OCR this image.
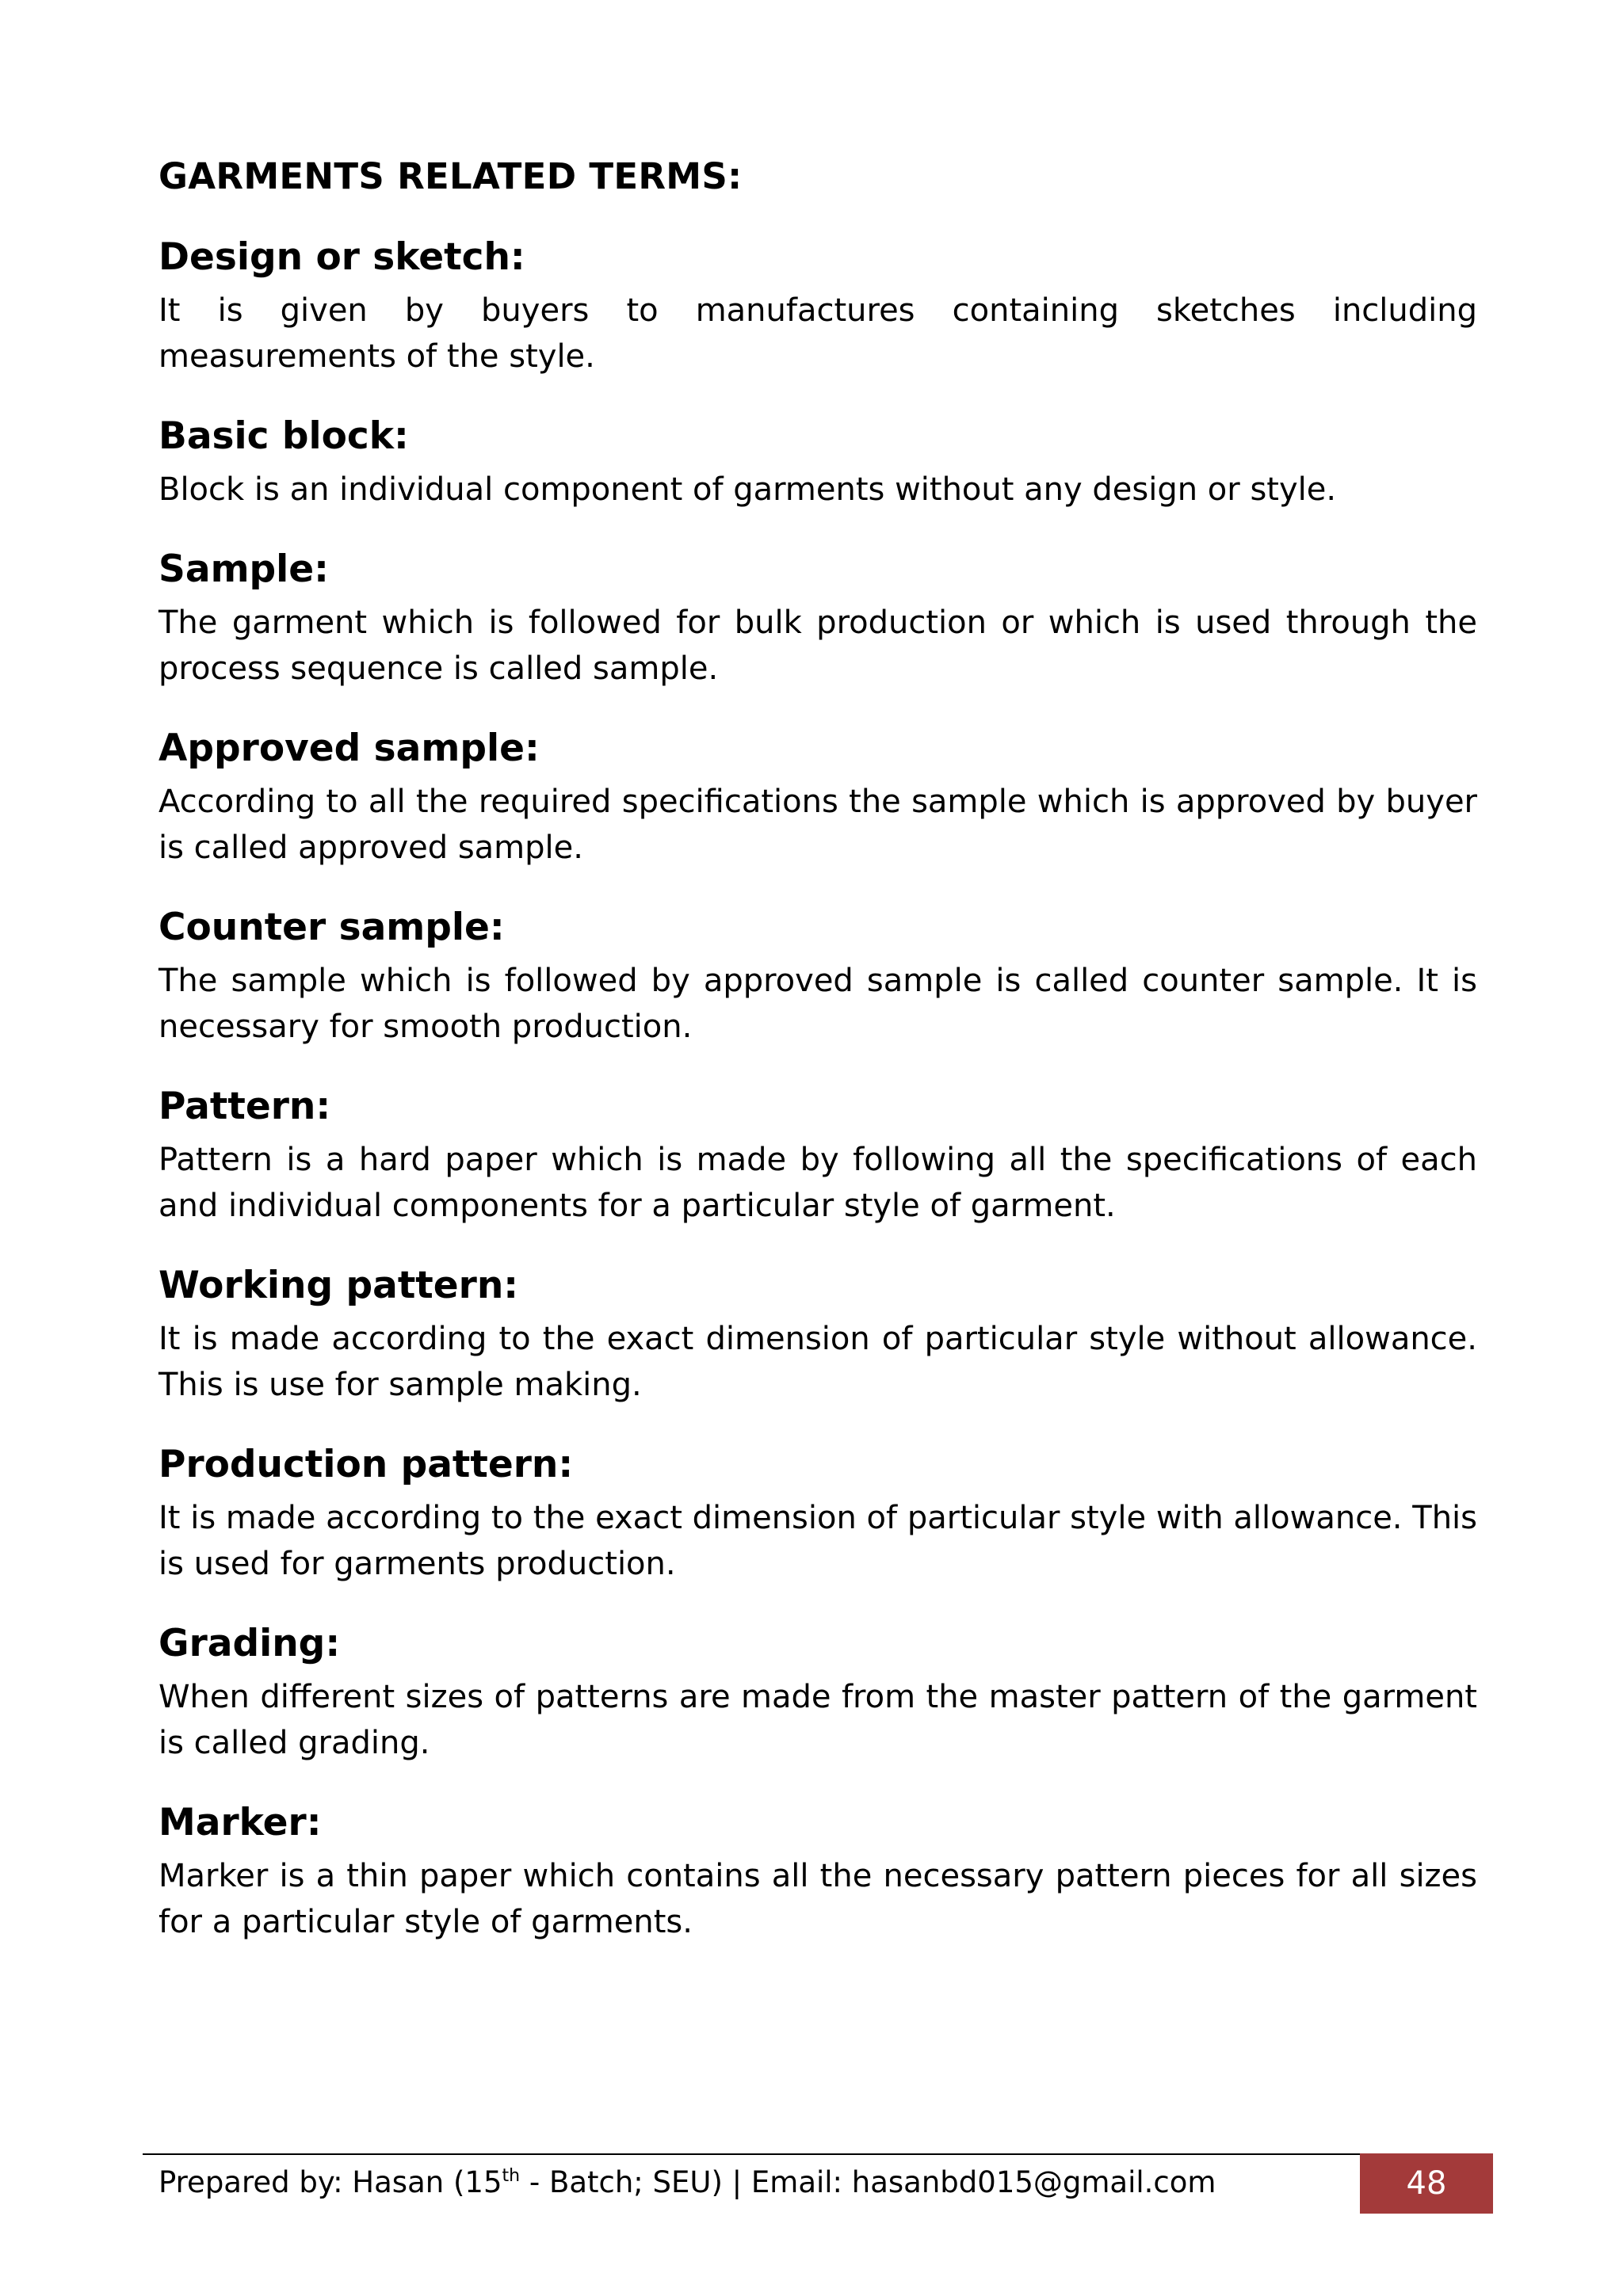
GARMENTS RELATED TERMS:
Design or sketch:

It is given by buyers to manufactures containing sketches including measurements of the style.

Basic block:

Block is an individual component of garments without any design or style.

Sample:

The garment which is followed for bulk production or which is used through the process sequence is called sample.

Approved sample:

According to all the required specifications the sample which is approved by buyer is called approved sample.

Counter sample:

The sample which is followed by approved sample is called counter sample. It is necessary for smooth production.

Pattern:

Pattern is a hard paper which is made by following all the specifications of each and individual components for a particular style of garment.

Working pattern:

It is made according to the exact dimension of particular style without allowance. This is use for sample making.

Production pattern:

It is made according to the exact dimension of particular style with allowance. This is used for garments production.

Grading:

When different sizes of patterns are made from the master pattern of the garment is called grading.

Marker:

Marker is a thin paper which contains all the necessary pattern pieces for all sizes for a particular style of garments.

Prepared by: Hasan (15th - Batch; SEU) | Email: hasanbd015@gmail.com	48
